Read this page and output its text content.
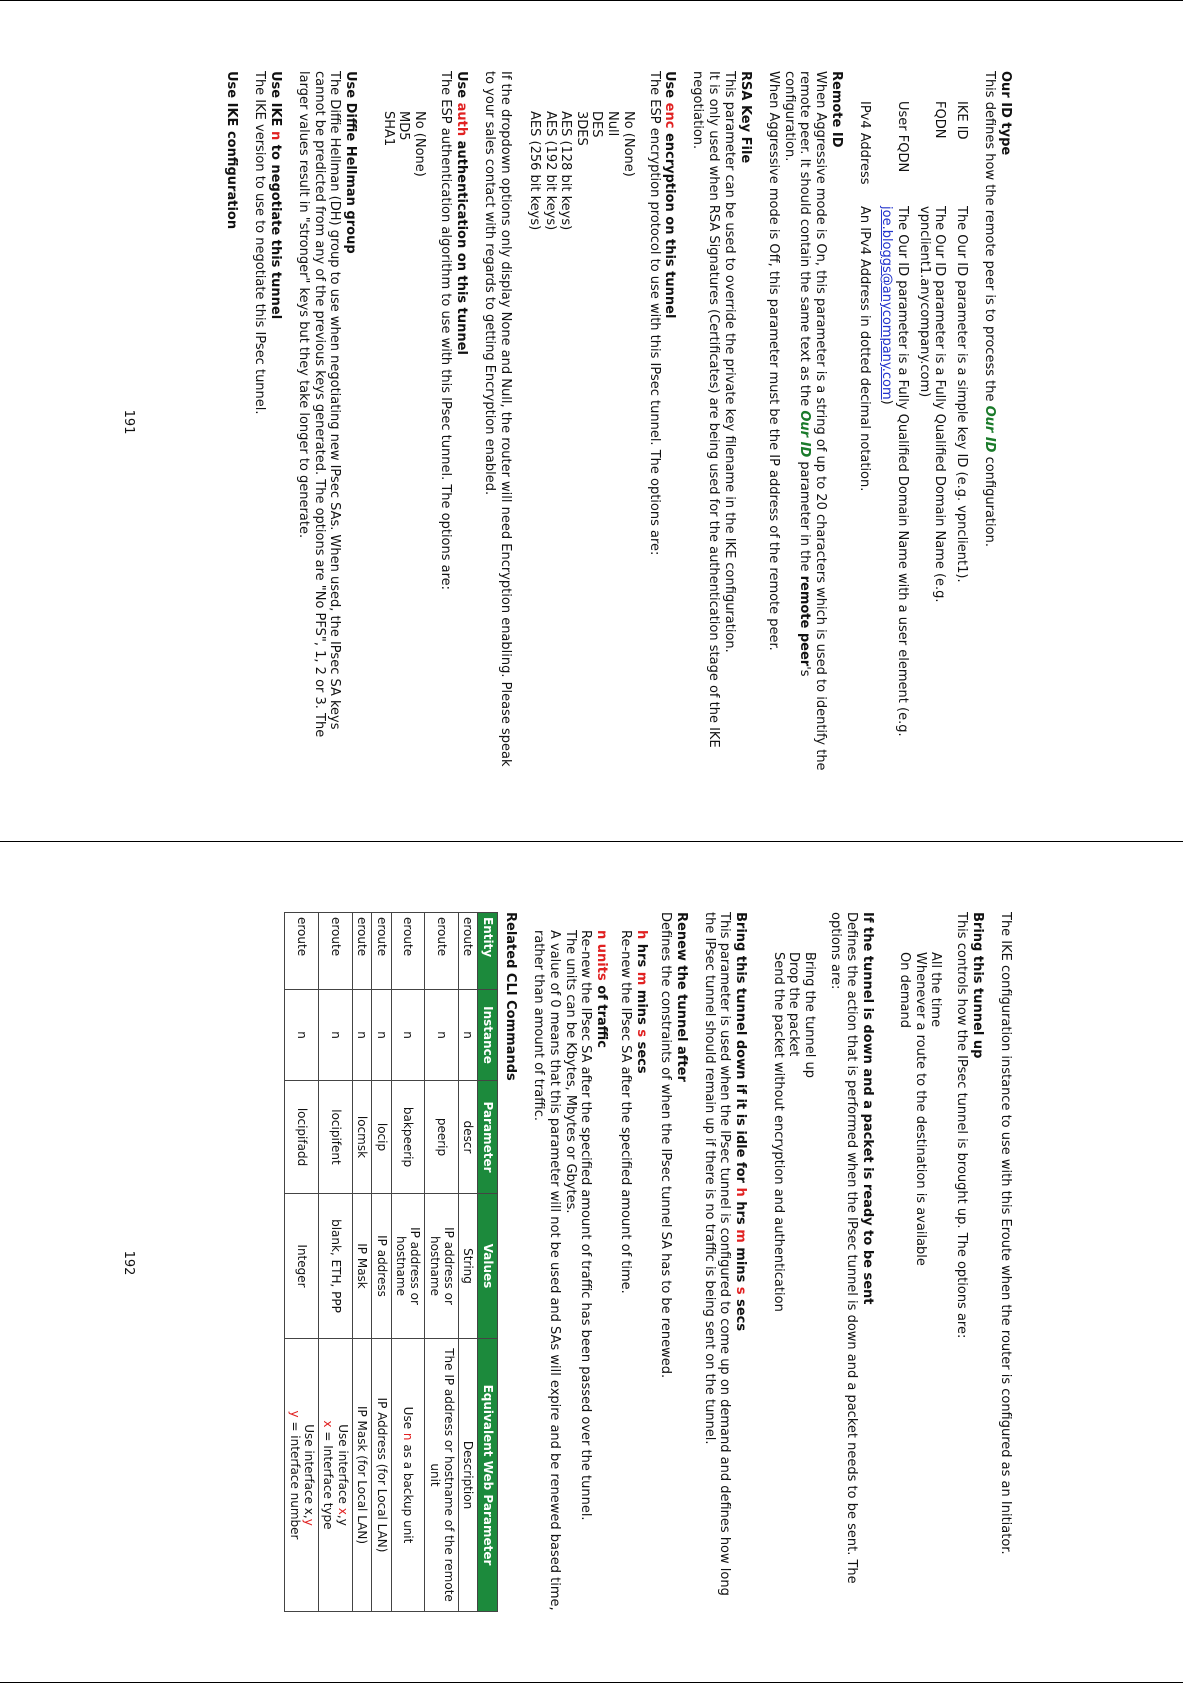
Our ID type

This defines how the remote peer is to process the Our ID configuration.

IKE ID
The Our ID parameter is a simple key ID (e.g. vpnclient1).
FQDN
The Our ID parameter is a Fully Qualified Domain Name (e.g. vpnclient1.anycompany.com)
User FQDN
The Our ID parameter is a Fully Qualified Domain Name with a user element (e.g. joe.bloggs@anycompany.com)
IPv4 Address
An IPv4 Address in dotted decimal notation.
Remote ID

When Aggressive mode is On, this parameter is a string of up to 20 characters which is used to identify the remote peer. It should contain the same text as the Our ID parameter in the remote peer's configuration.

When Aggressive mode is Off, this parameter must be the IP address of the remote peer.

RSA Key File

This parameter can be used to override the private key filename in the IKE configuration.

It is only used when RSA Signatures (Certificates) are being used for the authentication stage of the IKE negotiation.

Use enc encryption on this tunnel

The ESP encryption protocol to use with this IPsec tunnel. The options are:

No (None)
Null
DES
3DES
AES (128 bit keys)
AES (192 bit keys)
AES (256 bit keys)

If the dropdown options only display None and Null, the router will need Encryption enabling. Please speak to your sales contact with regards to getting Encryption enabled.

Use auth authentication on this tunnel

The ESP authentication algorithm to use with this IPsec tunnel. The options are:

No (None)
MD5
SHA1
Use Diffie Hellman group

The Diffie Hellman (DH) group to use when negotiating new IPsec SAs. When used, the IPsec SA keys cannot be predicted from any of the previous keys generated. The options are "No PFS", 1, 2 or 3. The larger values result in "stronger" keys but they take longer to generate.

Use IKE n to negotiate this tunnel

The IKE version to use to negotiate this IPsec tunnel.

Use IKE configuration
191

The IKE configuration instance to use with this Eroute when the router is configured as an Initiator.

Bring this tunnel up

This controls how the IPsec tunnel is brought up. The options are:

All the time
Whenever a route to the destination is available
On demand
If the tunnel is down and a packet is ready to be sent

Defines the action that is performed when the IPsec tunnel is down and a packet needs to be sent. The options are:

Bring the tunnel up
Drop the packet
Send the packet without encryption and authentication
Bring this tunnel down if it is idle for h hrs m mins s secs

This parameter is used when the IPsec tunnel is configured to come up on demand and defines how long the IPsec tunnel should remain up if there is no traffic is being sent on the tunnel.

Renew the tunnel after

Defines the constraints of when the IPsec tunnel SA has to be renewed.

h hrs m mins s secs

Re-new the IPsec SA after the specified amount of time.

n units of traffic

Re-new the IPsec SA after the specified amount of traffic has been passed over the tunnel.

The units can be Kbytes, Mbytes or Gbytes.

A value of 0 means that this parameter will not be used and SAs will expire and be renewed based time, rather than amount of traffic.

Related CLI Commands
Entity	Instance	Parameter	Values	Equivalent Web Parameter
eroute	n	descr	String	Description
eroute	n	peerip	IP address or hostname	The IP address or hostname of the remote unit
eroute	n	bakpeerip	IP address or hostname	Use n as a backup unit
eroute	n	locip	IP address	IP Address (for Local LAN)
eroute	n	locmsk	IP Mask	IP Mask (for Local LAN)
eroute	n	locipifent	blank, ETH, PPP	Use interface x,y
x = Interface type

eroute	n	locipifadd	Integer	Use interface x,y
y = interface number
192
